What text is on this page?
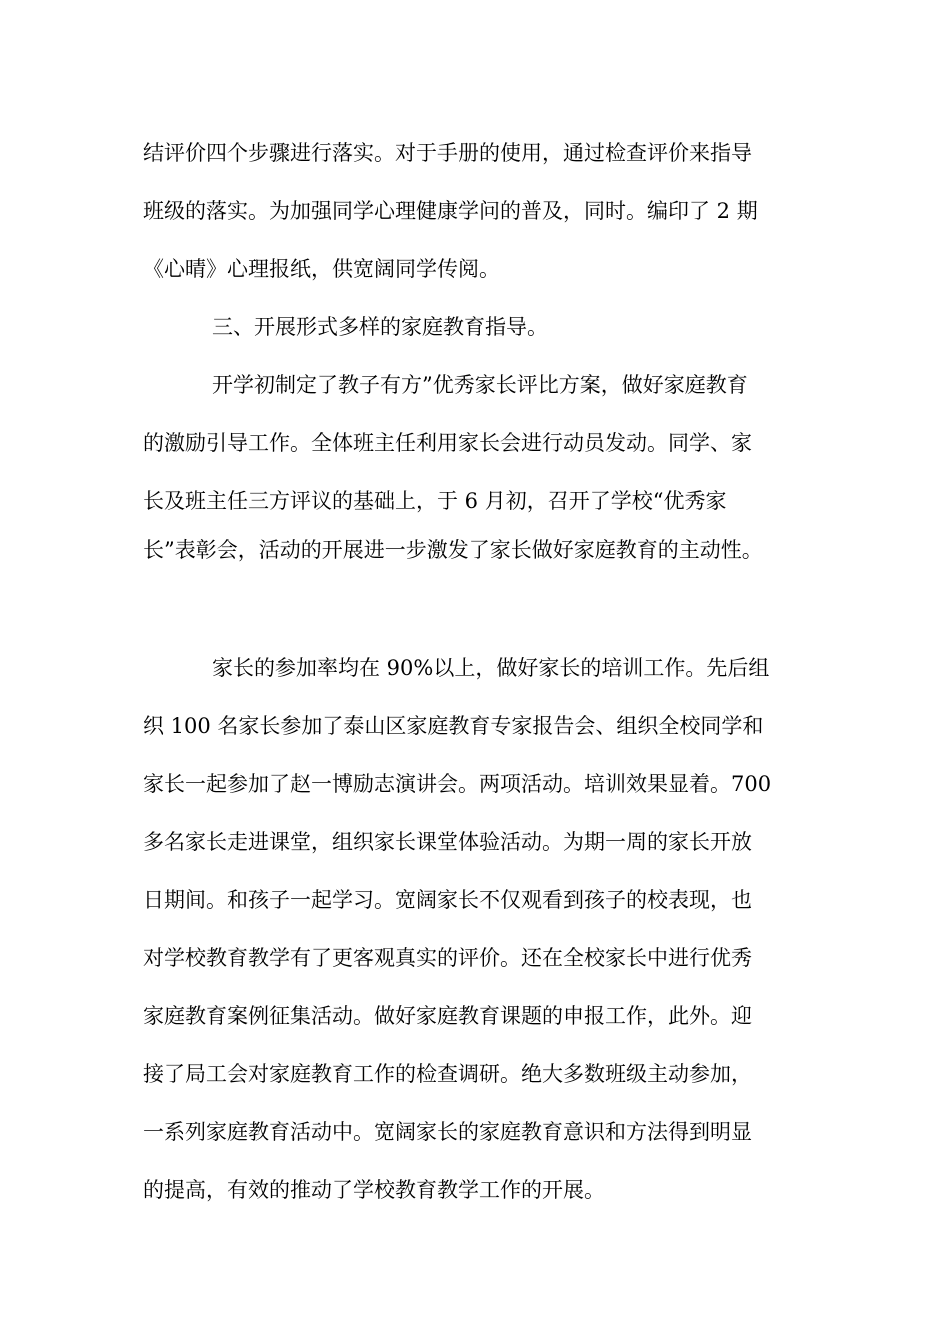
结评价四个步骤进行落实。对于手册的使用，通过检查评价来指导
班级的落实。为加强同学心理健康学问的普及，同时。编印了 2 期
《心晴》心理报纸，供宽阔同学传阅。
三、开展形式多样的家庭教育指导。
开学初制定了教子有方”优秀家长评比方案，做好家庭教育
的激励引导工作。全体班主任利用家长会进行动员发动。同学、家
长及班主任三方评议的基础上，于 6 月初，召开了学校“优秀家
长”表彰会，活动的开展进一步激发了家长做好家庭教育的主动性。
家长的参加率均在 90%以上，做好家长的培训工作。先后组
织 100 名家长参加了泰山区家庭教育专家报告会、组织全校同学和
家长一起参加了赵一博励志演讲会。两项活动。培训效果显着。700
多名家长走进课堂，组织家长课堂体验活动。为期一周的家长开放
日期间。和孩子一起学习。宽阔家长不仅观看到孩子的校表现，也
对学校教育教学有了更客观真实的评价。还在全校家长中进行优秀
家庭教育案例征集活动。做好家庭教育课题的申报工作，此外。迎
接了局工会对家庭教育工作的检查调研。绝大多数班级主动参加，
一系列家庭教育活动中。宽阔家长的家庭教育意识和方法得到明显
的提高，有效的推动了学校教育教学工作的开展。
